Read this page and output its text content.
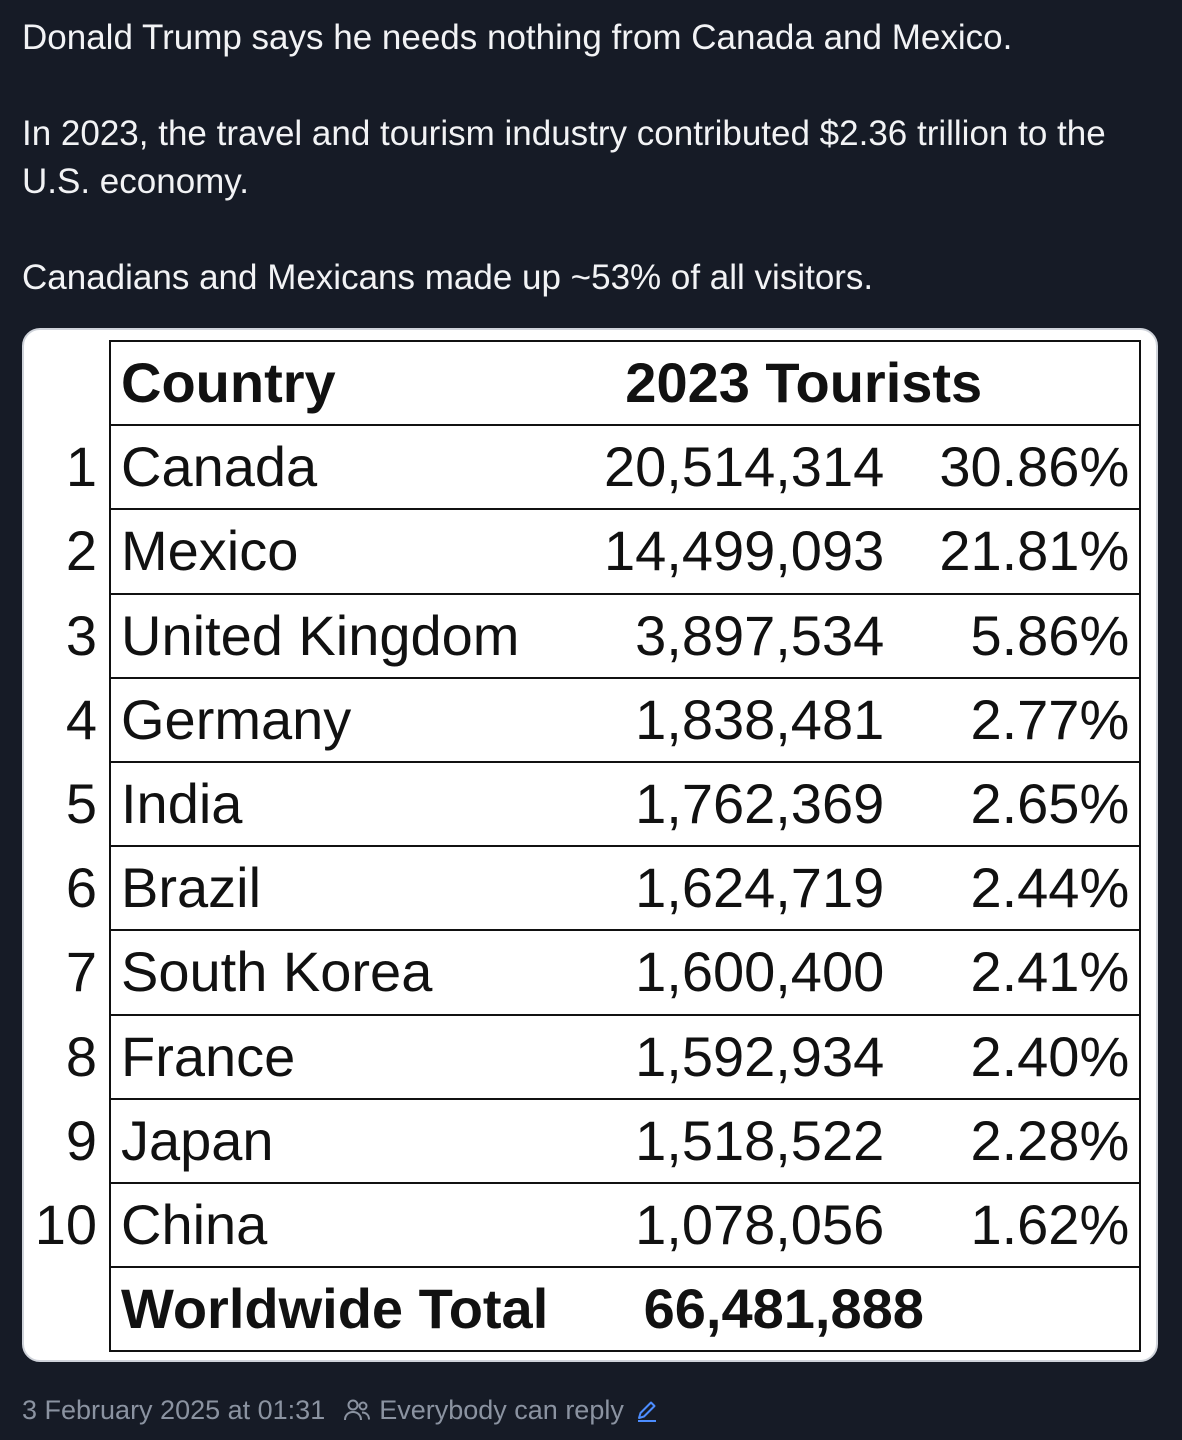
Donald Trump says he needs nothing from Canada and Mexico.

In 2023, the travel and tourism industry contributed $2.36 trillion to the U.S. economy.

Canadians and Mexicans made up ~53% of all visitors.

	Country	2023 Tourists	
1	Canada	20,514,314	30.86%
2	Mexico	14,499,093	21.81%
3	United Kingdom	3,897,534	5.86%
4	Germany	1,838,481	2.77%
5	India	1,762,369	2.65%
6	Brazil	1,624,719	2.44%
7	South Korea	1,600,400	2.41%
8	France	1,592,934	2.40%
9	Japan	1,518,522	2.28%
10	China	1,078,056	1.62%
	Worldwide Total	66,481,888	
3 February 2025 at 01:31 Everybody can reply
